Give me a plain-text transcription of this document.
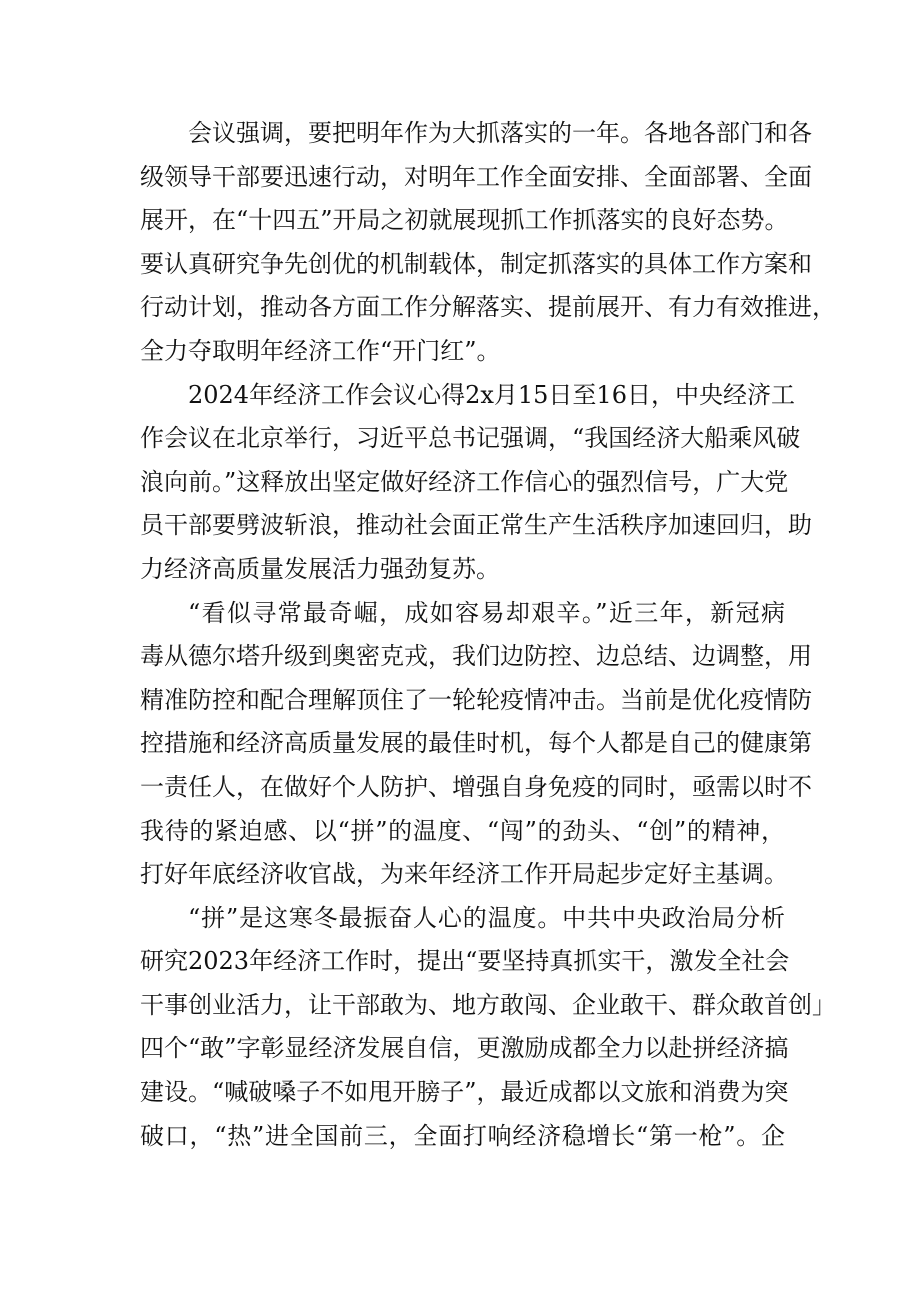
会议强调，要把明年作为大抓落实的一年。各地各部门和各
级领导干部要迅速行动，对明年工作全面安排、全面部署、全面
展开，在“十四五”开局之初就展现抓工作抓落实的良好态势。
要认真研究争先创优的机制载体，制定抓落实的具体工作方案和
行动计划，推动各方面工作分解落实、提前展开、有力有效推进，
全力夺取明年经济工作“开门红”。
2024年经济工作会议心得2x月15日至16日，中央经济工
作会议在北京举行，习近平总书记强调，“我国经济大船乘风破
浪向前。”这释放出坚定做好经济工作信心的强烈信号，广大党
员干部要劈波斩浪，推动社会面正常生产生活秩序加速回归，助
力经济高质量发展活力强劲复苏。
“看似寻常最奇崛，成如容易却艰辛。”近三年，新冠病
毒从德尔塔升级到奥密克戎，我们边防控、边总结、边调整，用
精准防控和配合理解顶住了一轮轮疫情冲击。当前是优化疫情防
控措施和经济高质量发展的最佳时机，每个人都是自己的健康第
一责任人，在做好个人防护、增强自身免疫的同时，亟需以时不
我待的紧迫感、以“拼”的温度、“闯”的劲头、“创”的精神，
打好年底经济收官战，为来年经济工作开局起步定好主基调。
“拼”是这寒冬最振奋人心的温度。中共中央政治局分析
研究2023年经济工作时，提出“要坚持真抓实干，激发全社会
干事创业活力，让干部敢为、地方敢闯、企业敢干、群众敢首创」
四个“敢”字彰显经济发展自信，更激励成都全力以赴拼经济搞
建设。“喊破嗓子不如甩开膀子”，最近成都以文旅和消费为突
破口，“热”进全国前三，全面打响经济稳增长“第一枪”。企
